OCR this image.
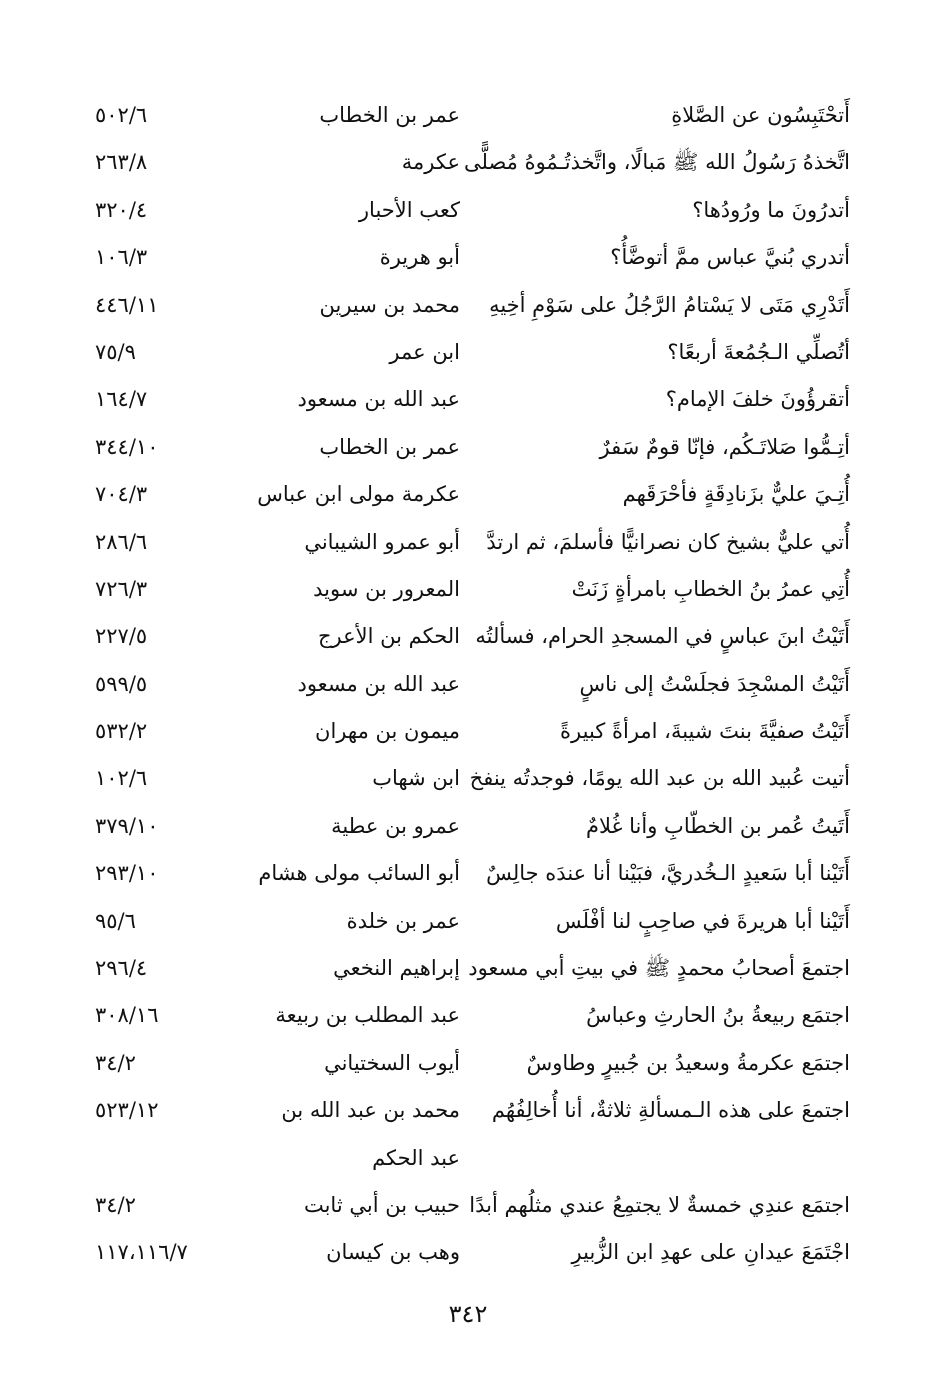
أَتحْتَبِسُون عن الصَّلاةِ
عمر بن الخطاب
٥٠٢/٦
اتَّخذهُ رَسُولُ الله ﷺ مَبالًا، واتَّخذتُـمُوهُ مُصلًّى
عكرمة
٢٦٣/٨
أتدرُونَ ما ورُودُها؟
كعب الأحبار
٣٢٠/٤
أتدري بُنيَّ عباس ممَّ أتوضَّأُ؟
أبو هريرة
١٠٦/٣
أَتَدْرِي مَتَى لا يَسْتامُ الرَّجُلُ على سَوْمِ أخِيهِ
محمد بن سيرين
٤٤٦/١١
أتُصلِّي الـجُمُعةَ أربعًا؟
ابن عمر
٧٥/٩
أتقرؤُونَ خلفَ الإمام؟
عبد الله بن مسعود
١٦٤/٧
أتِـمُّوا صَلاتَـكُم، فإنّا قومٌ سَفرٌ
عمر بن الخطاب
٣٤٤/١٠
أُتِـيَ عليٌّ بزَنادِقَةٍ فأحْرَقَهم
عكرمة مولى ابن عباس
٧٠٤/٣
أُتي عليٌّ بشيخ كان نصرانيًّا فأسلمَ، ثم ارتدَّ
أبو عمرو الشيباني
٢٨٦/٦
أُتِي عمرُ بنُ الخطابِ بامرأةٍ زَنَتْ
المعرور بن سويد
٧٢٦/٣
أَتَيْتُ ابنَ عباسٍ في المسجدِ الحرام، فسألتُه
الحكم بن الأعرج
٢٢٧/٥
أَتَيْتُ المسْجِدَ فجلَسْتُ إلى ناسٍ
عبد الله بن مسعود
٥٩٩/٥
أَتَيْتُ صفيَّةَ بنتَ شيبةَ، امرأةً كبيرةً
ميمون بن مهران
٥٣٢/٢
أتيت عُبيد الله بن عبد الله يومًا، فوجدتُه ينفخ
ابن شهاب
١٠٢/٦
أَتَيتُ عُمر بن الخطّابِ وأنا غُلامٌ
عمرو بن عطية
٣٧٩/١٠
أَتَيْنا أبا سَعيدٍ الـخُدريَّ، فبَيْنا أنا عندَه جالِسٌ
أبو السائب مولى هشام
٢٩٣/١٠
أَتَيْنا أبا هريرةَ في صاحِبٍ لنا أفْلَس
عمر بن خلدة
٩٥/٦
اجتمعَ أصحابُ محمدٍ ﷺ في بيتِ أبي مسعود
إبراهيم النخعي
٢٩٦/٤
اجتمَع ربيعةُ بنُ الحارثِ وعباسُ
عبد المطلب بن ربيعة
٣٠٨/١٦
اجتمَع عكرمةُ وسعيدُ بن جُبيرٍ وطاوسٌ
أيوب السختياني
٣٤/٢
اجتمعَ على هذه الـمسألةِ ثلاثةٌ، أنا أُخالِفُهُم
محمد بن عبد الله بن
٥٢٣/١٢
عبد الحكم
اجتمَع عندِي خمسةٌ لا يجتمِعُ عندي مثلُهم أبدًا
حبيب بن أبي ثابت
٣٤/٢
اجْتَمَعَ عيدانِ على عهدِ ابن الزُّبيرِ
وهب بن كيسان
١١٧،١١٦/٧
٣٤٢
